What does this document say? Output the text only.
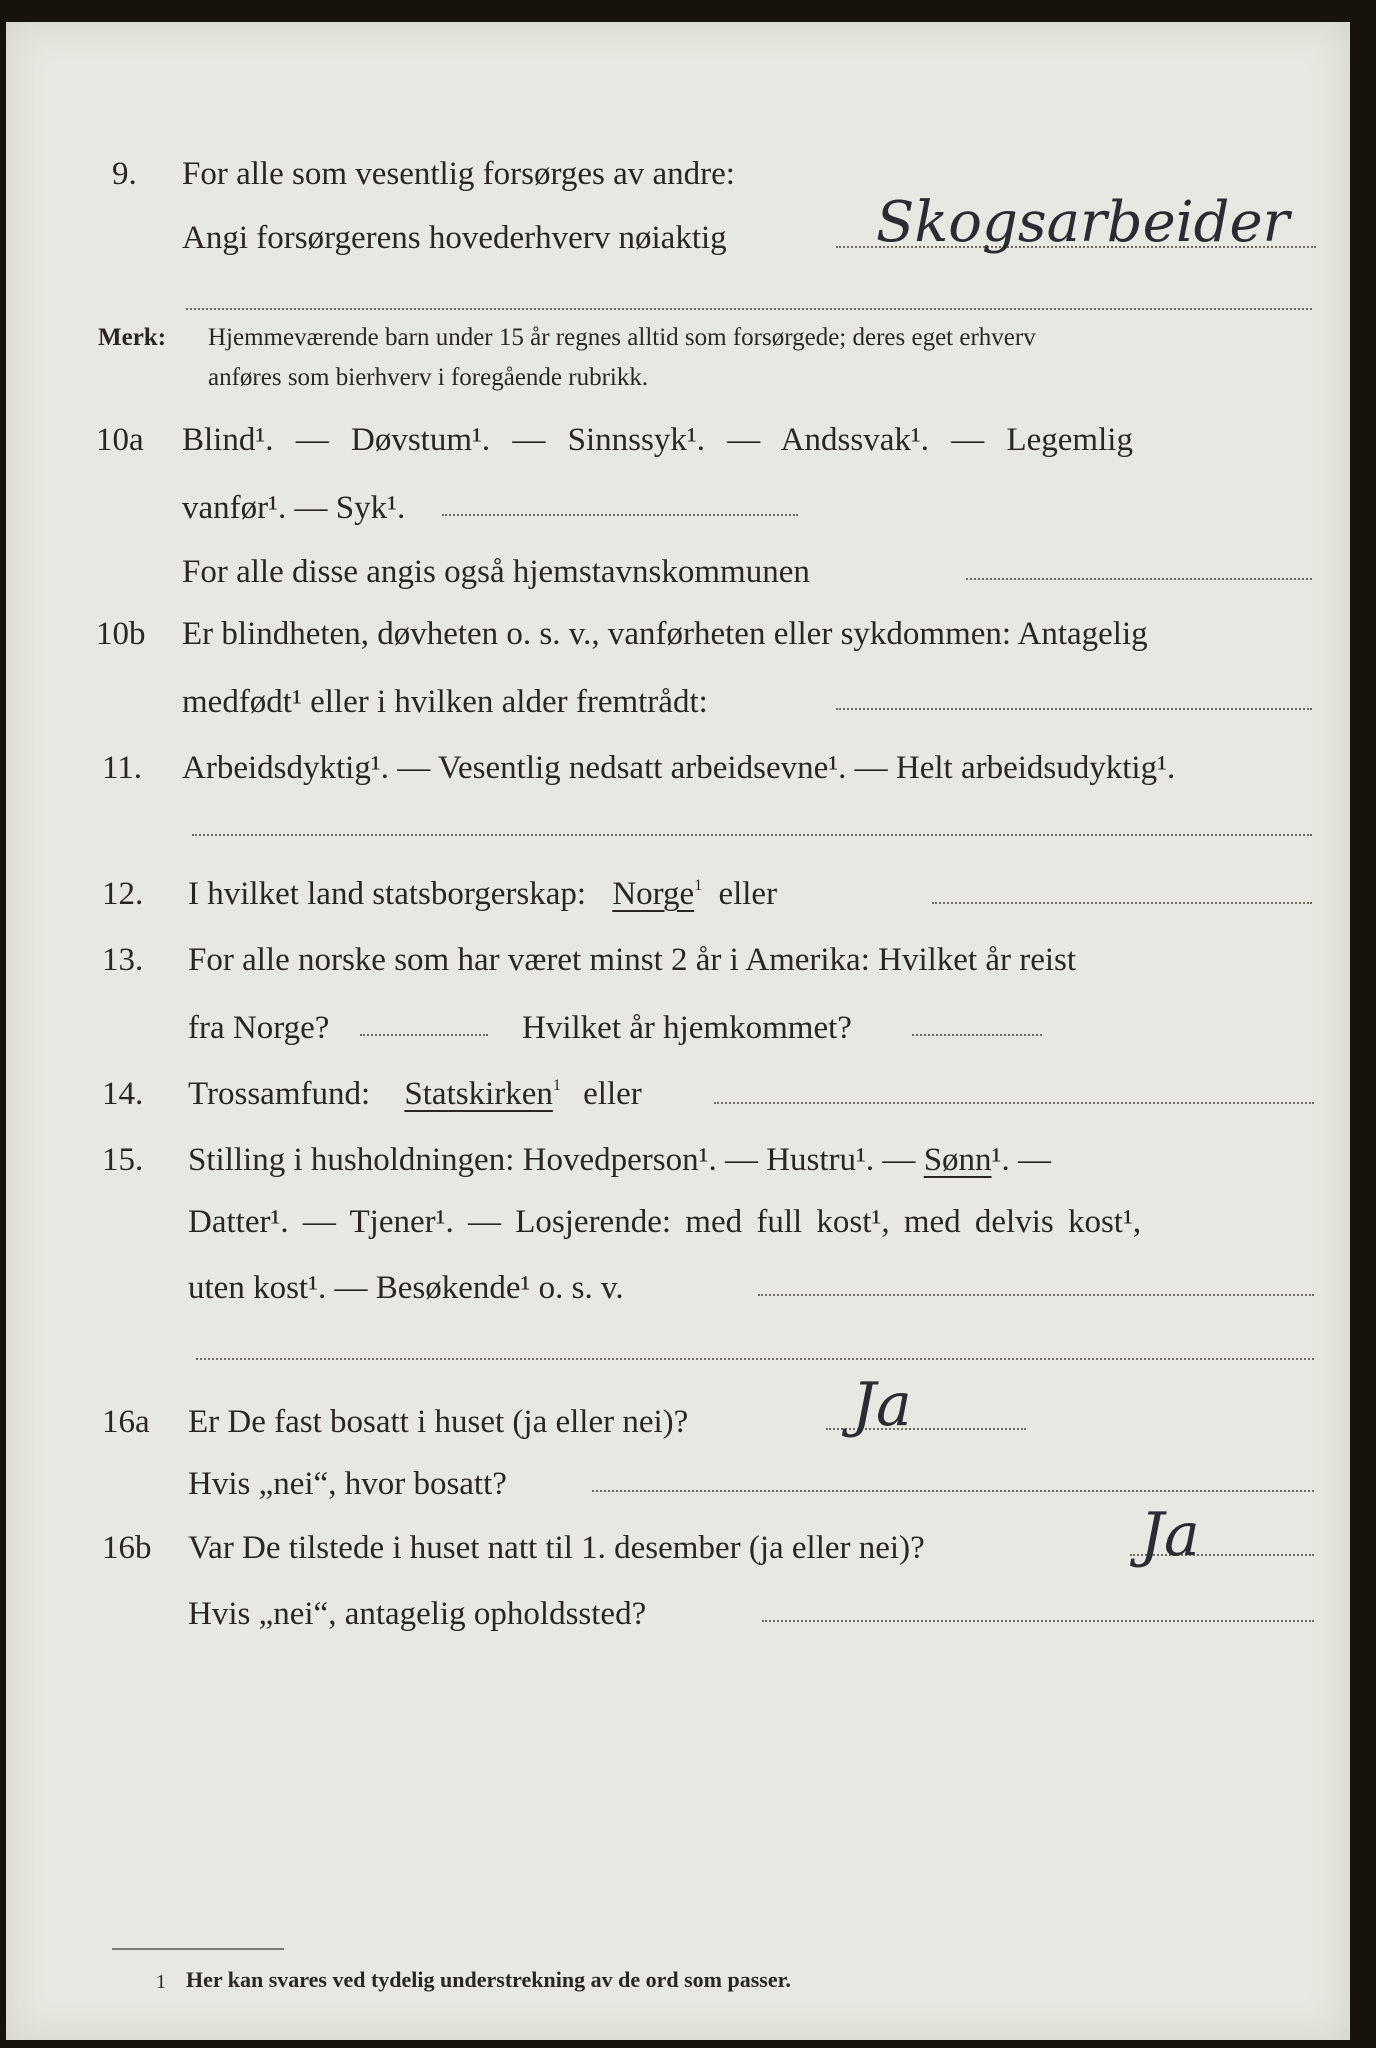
9. For alle som vesentlig forsørges av andre:
Angi forsørgerens hovederhverv nøiaktig	Skogsarbeider
Merk: Hjemmeværende barn under 15 år regnes alltid som forsørgede; deres eget erhverv
anføres som bierhverv i foregående rubrikk.
10a Blind¹. — Døvstum¹. — Sinnssyk¹. — Andssvak¹. — Legemlig
vanfør¹. — Syk¹.
For alle disse angis også hjemstavnskommunen
10b Er blindheten, døvheten o. s. v., vanførheten eller sykdommen: Antagelig
medfødt¹ eller i hvilken alder fremtrådt:
11. Arbeidsdyktig¹. — Vesentlig nedsatt arbeidsevne¹. — Helt arbeidsudyktig¹.
12. I hvilket land statsborgerskap: Norge$^1$ eller
13. For alle norske som har været minst 2 år i Amerika: Hvilket år reist
fra Norge?	Hvilket år hjemkommet?
14. Trossamfund: Statskirken$^1$ eller
15. Stilling i husholdningen: Hovedperson¹. — Hustru¹. — Sønn¹. —
Datter¹. — Tjener¹. — Losjerende: med full kost¹, med delvis kost¹,
uten kost¹. — Besøkende¹ o. s. v.
16a Er De fast bosatt i huset (ja eller nei)?	Ja
Hvis „nei“, hvor bosatt?
16b Var De tilstede i huset natt til 1. desember (ja eller nei)?	Ja
Hvis „nei“, antagelig opholdssted?
1 Her kan svares ved tydelig understrekning av de ord som passer.
